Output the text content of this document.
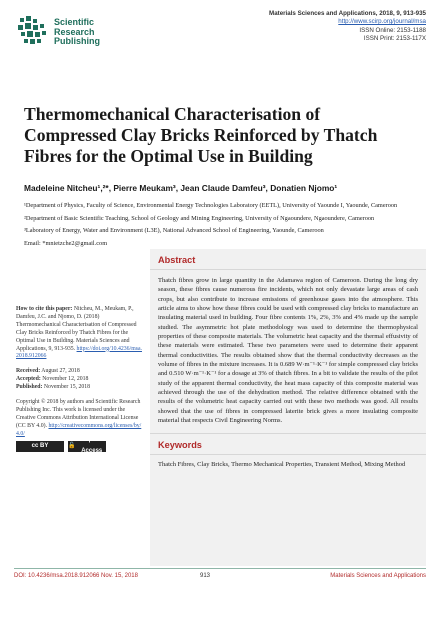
Scientific
Research
Publishing
Materials Sciences and Applications, 2018, 9, 913-935
http://www.scirp.org/journal/msa
ISSN Online: 2153-1188
ISSN Print: 2153-117X
Thermomechanical Characterisation of Compressed Clay Bricks Reinforced by Thatch Fibres for the Optimal Use in Building
Madeleine Nitcheu¹,²*, Pierre Meukam³, Jean Claude Damfeu³, Donatien Njomo¹

¹Department of Physics, Faculty of Science, Environmental Energy Technologies Laboratory (EETL), University of Yaounde I, Yaounde, Cameroon

²Department of Basic Scientific Teaching, School of Geology and Mining Engineering, University of Ngaoundere, Ngaoundere, Cameroon

³Laboratory of Energy, Water and Environment (L3E), National Advanced School of Engineering, Yaounde, Cameroon

Email: *mnietzche2@gmail.com

How to cite this paper: Nitcheu, M., Meukam, P., Damfeu, J.C. and Njomo, D. (2018) Thermomechanical Characterisation of Compressed Clay Bricks Reinforced by Thatch Fibres for the Optimal Use in Building. Materials Sciences and Applications, 9, 913-935. https://doi.org/10.4236/msa.2018.912066
Received: August 27, 2018
Accepted: November 12, 2018
Published: November 15, 2018
Copyright © 2018 by authors and Scientific Research Publishing Inc. This work is licensed under the Creative Commons Attribution International License (CC BY 4.0). http://creativecommons.org/licenses/by/4.0/
cc BY	🔓
Open Access
Abstract
Thatch fibres grow in large quantity in the Adamawa region of Cameroon. During the long dry season, these fibres cause numerous fire incidents, which not only devastate large areas of cash crops, but also contribute to increase emissions of greenhouse gases into the atmosphere. This article aims to show how these fibres could be used with compressed clay bricks to manufacture an insulating material used in building. Four fibre contents 1%, 2%, 3% and 4% made up the sample studied. The asymmetric hot plate methodology was used to determine the thermophysical properties of these composite materials. The volumetric heat capacity and the thermal effusivity of these materials were estimated. These two parameters were used to determine their apparent thermal conductivities. The results obtained show that the thermal conductivity decreases as the volume of fibres in the mixture increases. It is 0.689 W·m⁻¹·K⁻¹ for simple compressed clay bricks and 0.510 W·m⁻¹·K⁻¹ for a dosage at 3% of thatch fibres. In a bit to validate the results of the pilot study of the apparent thermal conductivity, the heat mass capacity of this composite material was achieved through the use of the dehydration method. The relative difference obtained with the results of the volumetric heat capacity carried out with these two methods was good. All results showed that the use of fibres in compressed laterite brick gives a more insulating composite material that respects Civil Engineering Norms.
Keywords
Thatch Fibres, Clay Bricks, Thermo Mechanical Properties, Transient Method, Mixing Method
DOI: 10.4236/msa.2018.912066 Nov. 15, 2018	913	Materials Sciences and Applications
